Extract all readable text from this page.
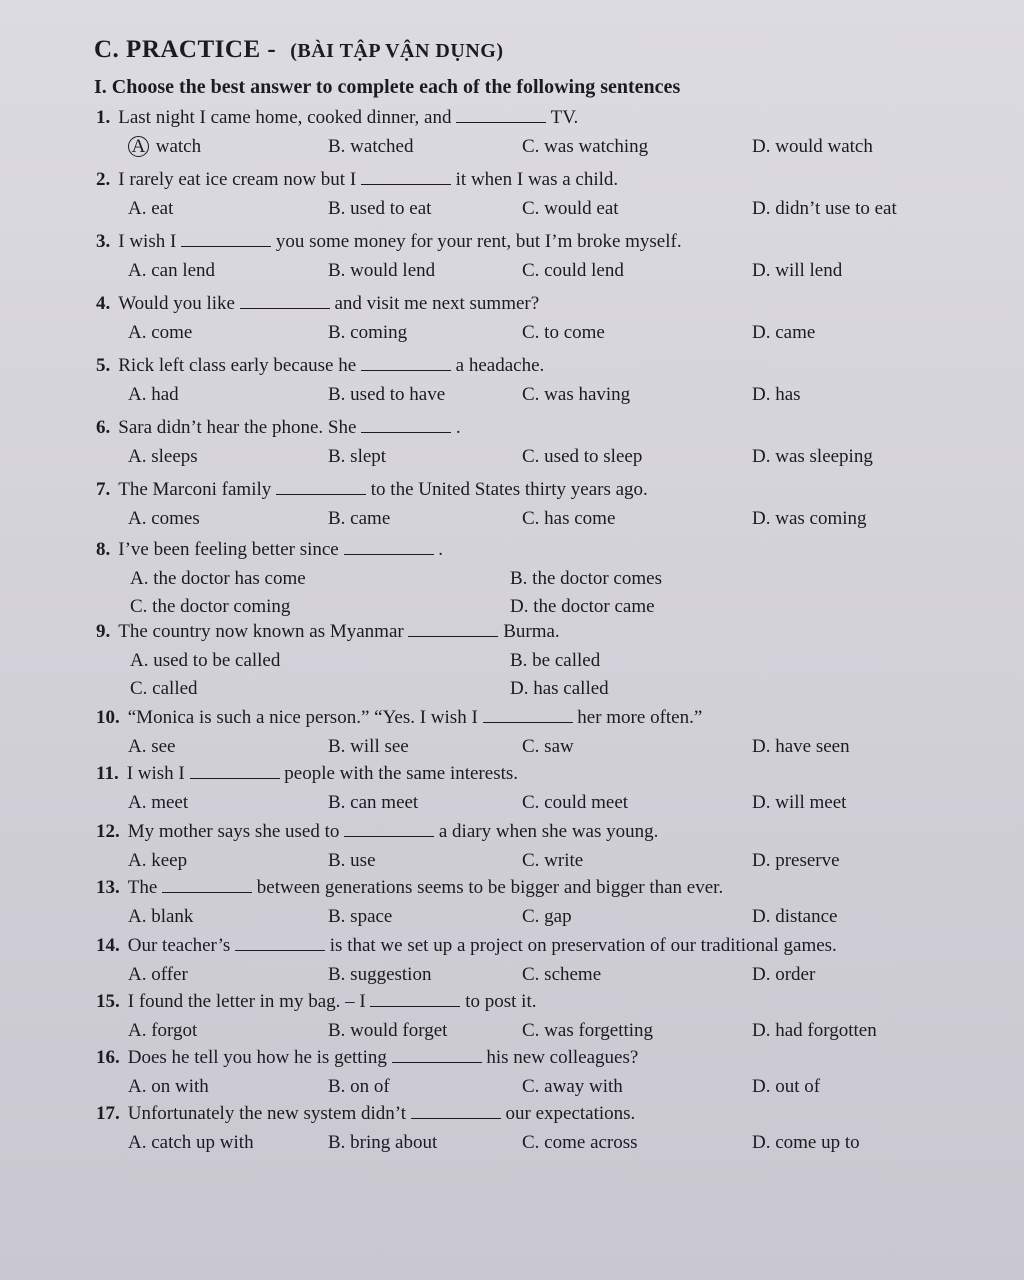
C. PRACTICE - (BÀI TẬP VẬN DỤNG)
I. Choose the best answer to complete each of the following sentences
1. Last night I came home, cooked dinner, and	TV.
A watch	B. watched	C. was watching	D. would watch
2. I rarely eat ice cream now but I	it when I was a child.
A. eat	B. used to eat	C. would eat	D. didn’t use to eat
3. I wish I	you some money for your rent, but I’m broke myself.
A. can lend	B. would lend	C. could lend	D. will lend
4. Would you like	and visit me next summer?
A. come	B. coming	C. to come	D. came
5. Rick left class early because he	a headache.
A. had	B. used to have	C. was having	D. has
6. Sara didn’t hear the phone. She	.
A. sleeps	B. slept	C. used to sleep	D. was sleeping
7. The Marconi family	to the United States thirty years ago.
A. comes	B. came	C. has come	D. was coming
8. I’ve been feeling better since	.
A. the doctor has come	B. the doctor comes
C. the doctor coming	D. the doctor came
9. The country now known as Myanmar	Burma.
A. used to be called	B. be called
C. called	D. has called
10. “Monica is such a nice person.” “Yes. I wish I	her more often.”
A. see	B. will see	C. saw	D. have seen
11. I wish I	people with the same interests.
A. meet	B. can meet	C. could meet	D. will meet
12. My mother says she used to	a diary when she was young.
A. keep	B. use	C. write	D. preserve
13. The	between generations seems to be bigger and bigger than ever.
A. blank	B. space	C. gap	D. distance
14. Our teacher’s	is that we set up a project on preservation of our traditional games.
A. offer	B. suggestion	C. scheme	D. order
15. I found the letter in my bag. – I	to post it.
A. forgot	B. would forget	C. was forgetting	D. had forgotten
16. Does he tell you how he is getting	his new colleagues?
A. on with	B. on of	C. away with	D. out of
17. Unfortunately the new system didn’t	our expectations.
A. catch up with	B. bring about	C. come across	D. come up to
